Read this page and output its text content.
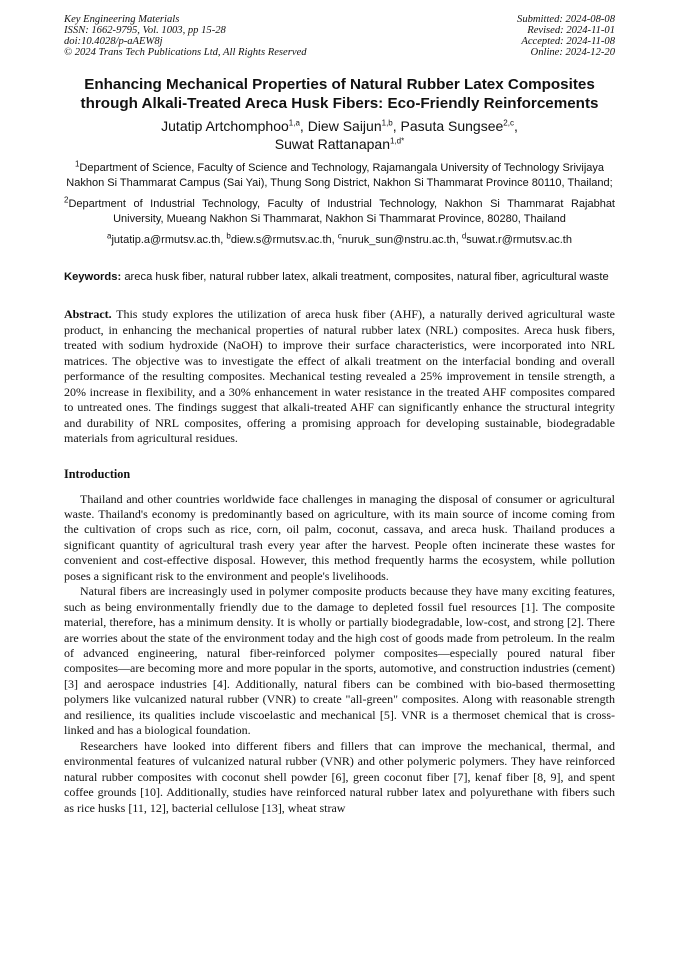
Key Engineering Materials
ISSN: 1662-9795, Vol. 1003, pp 15-28
doi:10.4028/p-aAEW8j
© 2024 Trans Tech Publications Ltd, All Rights Reserved
Submitted: 2024-08-08
Revised: 2024-11-01
Accepted: 2024-11-08
Online: 2024-12-20
Enhancing Mechanical Properties of Natural Rubber Latex Composites
through Alkali-Treated Areca Husk Fibers: Eco-Friendly Reinforcements
Jutatip Artchomphoo$^{1,a}$, Diew Saijun$^{1,b}$, Pasuta Sungsee$^{2,c}$,
Suwat Rattanapan$^{1,d*}$
$^1$Department of Science, Faculty of Science and Technology, Rajamangala University of Technology Srivijaya Nakhon Si Thammarat Campus (Sai Yai), Thung Song District, Nakhon Si Thammarat Province 80110, Thailand;
$^2$Department of Industrial Technology, Faculty of Industrial Technology, Nakhon Si Thammarat Rajabhat University, Mueang Nakhon Si Thammarat, Nakhon Si Thammarat Province, 80280, Thailand
$^a$jutatip.a@rmutsv.ac.th, $^b$diew.s@rmutsv.ac.th, $^c$nuruk_sun@nstru.ac.th, $^d$suwat.r@rmutsv.ac.th
Keywords: areca husk fiber, natural rubber latex, alkali treatment, composites, natural fiber, agricultural waste
Abstract. This study explores the utilization of areca husk fiber (AHF), a naturally derived agricultural waste product, in enhancing the mechanical properties of natural rubber latex (NRL) composites. Areca husk fibers, treated with sodium hydroxide (NaOH) to improve their surface characteristics, were incorporated into NRL matrices. The objective was to investigate the effect of alkali treatment on the interfacial bonding and overall performance of the resulting composites. Mechanical testing revealed a 25% improvement in tensile strength, a 20% increase in flexibility, and a 30% enhancement in water resistance in the treated AHF composites compared to untreated ones. The findings suggest that alkali-treated AHF can significantly enhance the structural integrity and durability of NRL composites, offering a promising approach for developing sustainable, biodegradable materials from agricultural residues.
Introduction

Thailand and other countries worldwide face challenges in managing the disposal of consumer or agricultural waste. Thailand's economy is predominantly based on agriculture, with its main source of income coming from the cultivation of crops such as rice, corn, oil palm, coconut, cassava, and areca husk. Thailand produces a significant quantity of agricultural trash every year after the harvest. People often incinerate these wastes for convenient and cost-effective disposal. However, this method frequently harms the ecosystem, while pollution poses a significant risk to the environment and people's livelihoods.

Natural fibers are increasingly used in polymer composite products because they have many exciting features, such as being environmentally friendly due to the damage to depleted fossil fuel resources [1]. The composite material, therefore, has a minimum density. It is wholly or partially biodegradable, low-cost, and strong [2]. There are worries about the state of the environment today and the high cost of goods made from petroleum. In the realm of advanced engineering, natural fiber-reinforced polymer composites—especially poured natural fiber composites—are becoming more and more popular in the sports, automotive, and construction industries (cement) [3] and aerospace industries [4]. Additionally, natural fibers can be combined with bio-based thermosetting polymers like vulcanized natural rubber (VNR) to create "all-green" composites. Along with reasonable strength and resilience, its qualities include viscoelastic and mechanical [5]. VNR is a thermoset chemical that is cross-linked and has a biological foundation.

Researchers have looked into different fibers and fillers that can improve the mechanical, thermal, and environmental features of vulcanized natural rubber (VNR) and other polymeric polymers. They have reinforced natural rubber composites with coconut shell powder [6], green coconut fiber [7], kenaf fiber [8, 9], and spent coffee grounds [10]. Additionally, studies have reinforced natural rubber latex and polyurethane with fibers such as rice husks [11, 12], bacterial cellulose [13], wheat straw
